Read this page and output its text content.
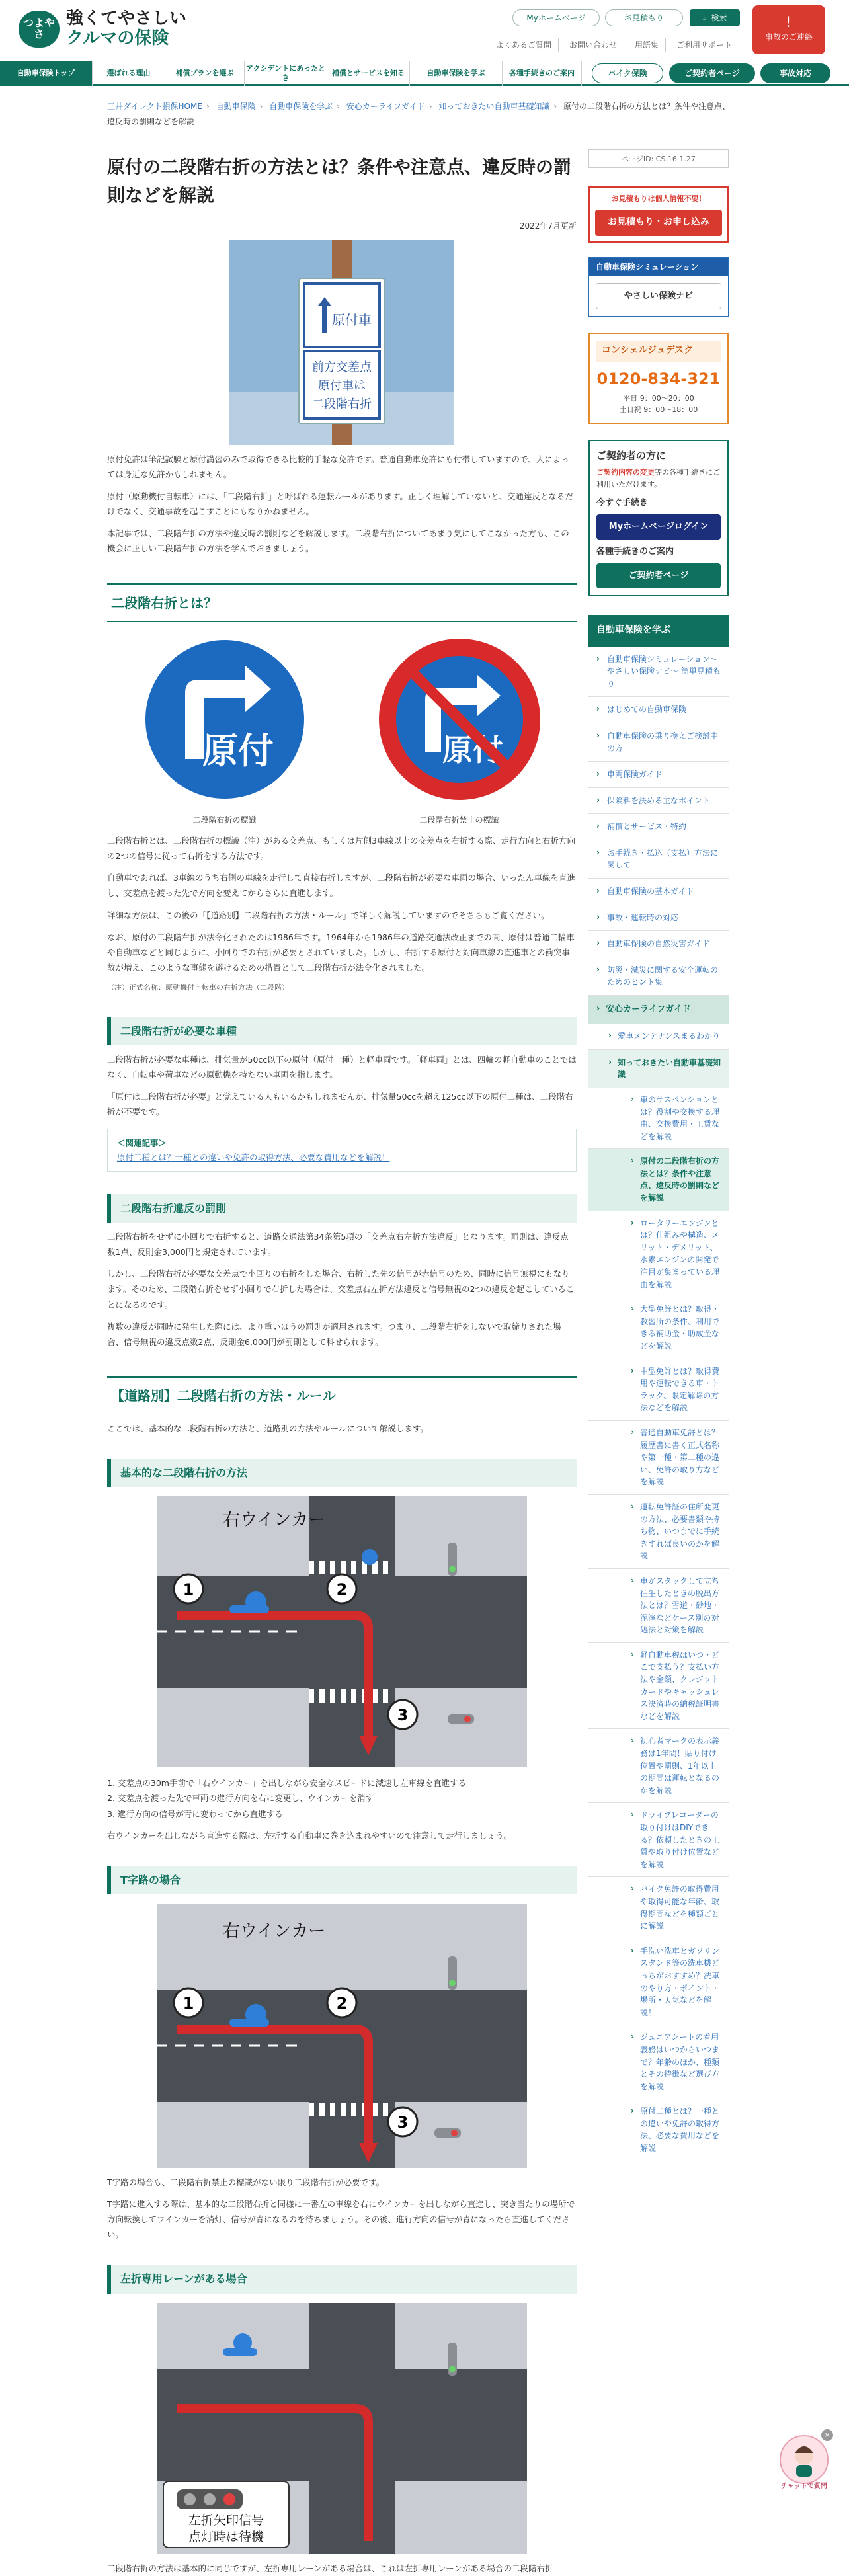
つよやさ
強くてやさしい
クルマの保険
Myホームページ	お見積もり	⌕ 検索	!
事故のご連絡
よくあるご質問	お問い合わせ	用語集	ご利用サポート
自動車保険トップ	選ばれる理由	補償プランを選ぶ
アクシデントにあったとき
補償とサービスを知る	自動車保険を学ぶ	各種手続きのご案内	バイク保険	ご契約者ページ	事故対応
三井ダイレクト損保HOME › 自動車保険 › 自動車保険を学ぶ › 安心カーライフガイド › 知っておきたい自動車基礎知識 › 原付の二段階右折の方法とは？条件や注意点、違反時の罰則などを解説
原付の二段階右折の方法とは？条件や注意点、違反時の罰則などを解説
2022年7月更新
原付車
前方交差点
原付車は
二段階右折
原付免許は筆記試験と原付講習のみで取得できる比較的手軽な免許です。普通自動車免許にも付帯していますので、人によっては身近な免許かもしれません。
原付（原動機付自転車）には、「二段階右折」と呼ばれる運転ルールがあります。正しく理解していないと、交通違反となるだけでなく、交通事故を起こすことにもなりかねません。
本記事では、二段階右折の方法や違反時の罰則などを解説します。二段階右折についてあまり気にしてこなかった方も、この機会に正しい二段階右折の方法を学んでおきましょう。
二段階右折とは？
原付
二段階右折の標識
原付
二段階右折禁止の標識
二段階右折とは、二段階右折の標識（注）がある交差点、もしくは片側3車線以上の交差点を右折する際、走行方向と右折方向の2つの信号に従って右折をする方法です。
自動車であれば、3車線のうち右側の車線を走行して直接右折しますが、二段階右折が必要な車両の場合、いったん車線を直進し、交差点を渡った先で方向を変えてからさらに直進します。
詳細な方法は、この後の「【道路別】二段階右折の方法・ルール」で詳しく解説していますのでそちらもご覧ください。
なお、原付の二段階右折が法令化されたのは1986年です。1964年から1986年の道路交通法改正までの間、原付は普通二輪車や自動車などと同じように、小回りでの右折が必要とされていました。しかし、右折する原付と対向車線の直進車との衝突事故が増え、このような事態を避けるための措置として二段階右折が法令化されました。
（注）正式名称：原動機付自転車の右折方法（二段階）
二段階右折が必要な車種
二段階右折が必要な車種は、排気量が50cc以下の原付（原付一種）と軽車両です。「軽車両」とは、四輪の軽自動車のことではなく、自転車や荷車などの原動機を持たない車両を指します。
「原付は二段階右折が必要」と覚えている人もいるかもしれませんが、排気量50ccを超え125cc以下の原付二種は、二段階右折が不要です。
＜関連記事＞
原付二種とは？一種との違いや免許の取得方法、必要な費用などを解説！
二段階右折違反の罰則
二段階右折をせずに小回りで右折すると、道路交通法第34条第5項の「交差点右左折方法違反」となります。罰則は、違反点数1点、反則金3,000円と規定されています。
しかし、二段階右折が必要な交差点で小回りの右折をした場合、右折した先の信号が赤信号のため、同時に信号無視にもなります。そのため、二段階右折をせず小回りで右折した場合は、交差点右左折方法違反と信号無視の2つの違反を起こしていることになるのです。
複数の違反が同時に発生した際には、より重いほうの罰則が適用されます。つまり、二段階右折をしないで取締りされた場合、信号無視の違反点数2点、反則金6,000円が罰則として科せられます。
【道路別】二段階右折の方法・ルール
ここでは、基本的な二段階右折の方法と、道路別の方法やルールについて解説します。
基本的な二段階右折の方法
1	2
3
右ウインカー
1. 交差点の30m手前で「右ウインカー」を出しながら安全なスピードに減速し左車線を直進する
2. 交差点を渡った先で車両の進行方向を右に変更し、ウインカーを消す
3. 進行方向の信号が青に変わってから直進する
右ウインカーを出しながら直進する際は、左折する自動車に巻き込まれやすいので注意して走行しましょう。
T字路の場合
1	2
3
右ウインカー
T字路の場合も、二段階右折禁止の標識がない限り二段階右折が必要です。
T字路に進入する際は、基本的な二段階右折と同様に一番左の車線を右にウインカーを出しながら直進し、突き当たりの場所で方向転換してウインカーを消灯、信号が青になるのを待ちましょう。その後、進行方向の信号が青になったら直進してください。
左折専用レーンがある場合
左折矢印信号
点灯時は待機
二段階右折の方法は基本的に同じですが、左折専用レーンがある場合は、これは左折専用レーンがある場合の二段階右折
ページID: CS.16.1.27
お見積もりは個人情報不要！
お見積もり・お申し込み
自動車保険シミュレーション
やさしい保険ナビ
コンシェルジュデスク
0120-834-321
平日 9：00～20：00
土日祝 9：00～18：00
ご契約者の方に
ご契約内容の変更等の各種手続きにご利用いただけます。
今すぐ手続き
Myホームページログイン
各種手続きのご案内
ご契約者ページ
自動車保険を学ぶ
› 自動車保険シミュレーション〜やさしい保険ナビ〜 簡単見積もり
› はじめての自動車保険
› 自動車保険の乗り換えご検討中の方
› 車両保険ガイド
› 保険料を決める主なポイント
› 補償とサービス・特約
› お手続き・払込（支払）方法に関して
› 自動車保険の基本ガイド
› 事故・運転時の対応
› 自動車保険の自然災害ガイド
› 防災・減災に関する安全運転のためのヒント集
› 安心カーライフガイド
› 愛車メンテナンスまるわかり
› 知っておきたい自動車基礎知識
› 車のサスペンションとは？役割や交換する理由、交換費用・工賃などを解説
› 原付の二段階右折の方法とは？条件や注意点、違反時の罰則などを解説
› ロータリーエンジンとは？仕組みや構造、メリット・デメリット、水素エンジンの開発で注目が集まっている理由を解説
› 大型免許とは？取得・教習所の条件、利用できる補助金・助成金などを解説
› 中型免許とは？取得費用や運転できる車・トラック、限定解除の方法などを解説
› 普通自動車免許とは？履歴書に書く正式名称や第一種・第二種の違い、免許の取り方などを解説
› 運転免許証の住所変更の方法、必要書類や持ち物、いつまでに手続きすれば良いのかを解説
› 車がスタックして立ち往生したときの脱出方法とは？雪道・砂地・泥濘などケース別の対処法と対策を解説
› 軽自動車税はいつ・どこで支払う？支払い方法や金額、クレジットカードやキャッシュレス決済時の納税証明書などを解説
› 初心者マークの表示義務は1年間！貼り付け位置や罰則、1年以上の期間は運転となるのかを解説
› ドライブレコーダーの取り付けはDIYできる？依頼したときの工賃や取り付け位置などを解説
› バイク免許の取得費用や取得可能な年齢、取得期間などを種類ごとに解説
› 手洗い洗車とガソリンスタンド等の洗車機どっちがおすすめ？洗車のやり方・ポイント・場所・天気などを解説！
› ジュニアシートの着用義務はいつからいつまで？年齢のほか、種類とその特徴など選び方を解説
› 原付二種とは？一種との違いや免許の取得方法、必要な費用などを解説
チャットで質問
×
